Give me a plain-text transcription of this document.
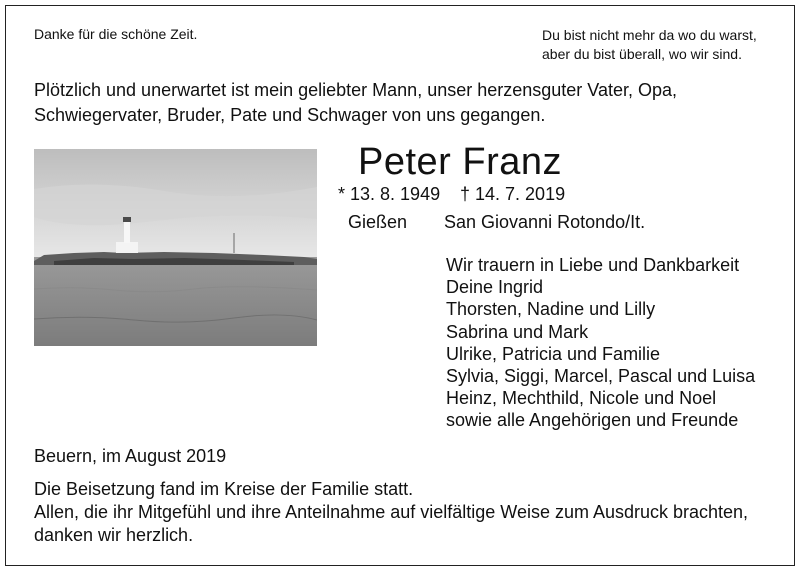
Danke für die schöne Zeit.	Du bist nicht mehr da wo du warst,
aber du bist überall, wo wir sind.
Plötzlich und unerwartet ist mein geliebter Mann, unser herzensguter Vater, Opa,
Schwiegervater, Bruder, Pate und Schwager von uns gegangen.
Peter Franz
* 13. 8. 1949 † 14. 7. 2019
Gießen San Giovanni Rotondo/It.
Wir trauern in Liebe und Dankbarkeit
Deine Ingrid
Thorsten, Nadine und Lilly
Sabrina und Mark
Ulrike, Patricia und Familie
Sylvia, Siggi, Marcel, Pascal und Luisa
Heinz, Mechthild, Nicole und Noel
sowie alle Angehörigen und Freunde
Beuern, im August 2019
Die Beisetzung fand im Kreise der Familie statt.
Allen, die ihr Mitgefühl und ihre Anteilnahme auf vielfältige Weise zum Ausdruck brachten,
danken wir herzlich.
